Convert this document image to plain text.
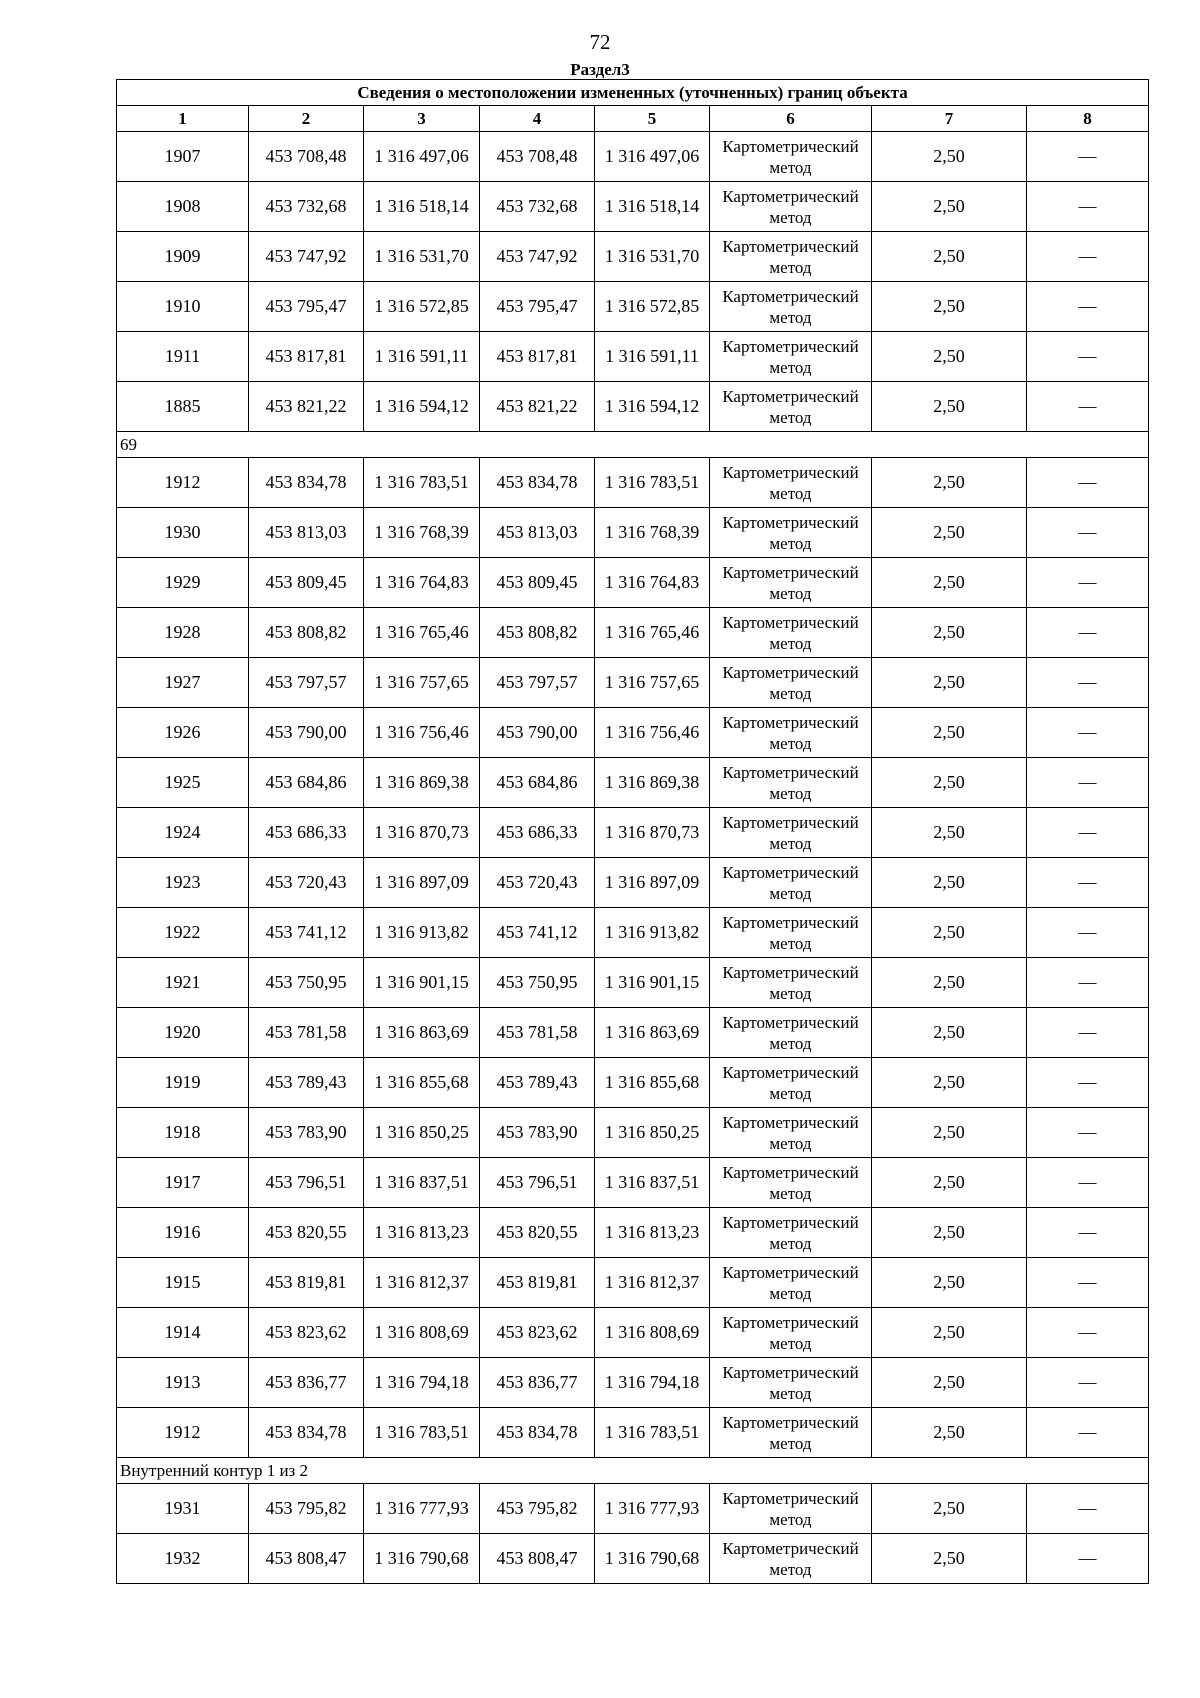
72
Раздел3
Сведения о местоположении измененных (уточненных) границ объекта							
1	2	3	4	5	6	7	8
1907	453 708,48	1 316 497,06	453 708,48	1 316 497,06	Картометрический метод	2,50	—
1908	453 732,68	1 316 518,14	453 732,68	1 316 518,14	Картометрический метод	2,50	—
1909	453 747,92	1 316 531,70	453 747,92	1 316 531,70	Картометрический метод	2,50	—
1910	453 795,47	1 316 572,85	453 795,47	1 316 572,85	Картометрический метод	2,50	—
1911	453 817,81	1 316 591,11	453 817,81	1 316 591,11	Картометрический метод	2,50	—
1885	453 821,22	1 316 594,12	453 821,22	1 316 594,12	Картометрический метод	2,50	—
69							
1912	453 834,78	1 316 783,51	453 834,78	1 316 783,51	Картометрический метод	2,50	—
1930	453 813,03	1 316 768,39	453 813,03	1 316 768,39	Картометрический метод	2,50	—
1929	453 809,45	1 316 764,83	453 809,45	1 316 764,83	Картометрический метод	2,50	—
1928	453 808,82	1 316 765,46	453 808,82	1 316 765,46	Картометрический метод	2,50	—
1927	453 797,57	1 316 757,65	453 797,57	1 316 757,65	Картометрический метод	2,50	—
1926	453 790,00	1 316 756,46	453 790,00	1 316 756,46	Картометрический метод	2,50	—
1925	453 684,86	1 316 869,38	453 684,86	1 316 869,38	Картометрический метод	2,50	—
1924	453 686,33	1 316 870,73	453 686,33	1 316 870,73	Картометрический метод	2,50	—
1923	453 720,43	1 316 897,09	453 720,43	1 316 897,09	Картометрический метод	2,50	—
1922	453 741,12	1 316 913,82	453 741,12	1 316 913,82	Картометрический метод	2,50	—
1921	453 750,95	1 316 901,15	453 750,95	1 316 901,15	Картометрический метод	2,50	—
1920	453 781,58	1 316 863,69	453 781,58	1 316 863,69	Картометрический метод	2,50	—
1919	453 789,43	1 316 855,68	453 789,43	1 316 855,68	Картометрический метод	2,50	—
1918	453 783,90	1 316 850,25	453 783,90	1 316 850,25	Картометрический метод	2,50	—
1917	453 796,51	1 316 837,51	453 796,51	1 316 837,51	Картометрический метод	2,50	—
1916	453 820,55	1 316 813,23	453 820,55	1 316 813,23	Картометрический метод	2,50	—
1915	453 819,81	1 316 812,37	453 819,81	1 316 812,37	Картометрический метод	2,50	—
1914	453 823,62	1 316 808,69	453 823,62	1 316 808,69	Картометрический метод	2,50	—
1913	453 836,77	1 316 794,18	453 836,77	1 316 794,18	Картометрический метод	2,50	—
1912	453 834,78	1 316 783,51	453 834,78	1 316 783,51	Картометрический метод	2,50	—
Внутренний контур 1 из 2							
1931	453 795,82	1 316 777,93	453 795,82	1 316 777,93	Картометрический метод	2,50	—
1932	453 808,47	1 316 790,68	453 808,47	1 316 790,68	Картометрический метод	2,50	—
